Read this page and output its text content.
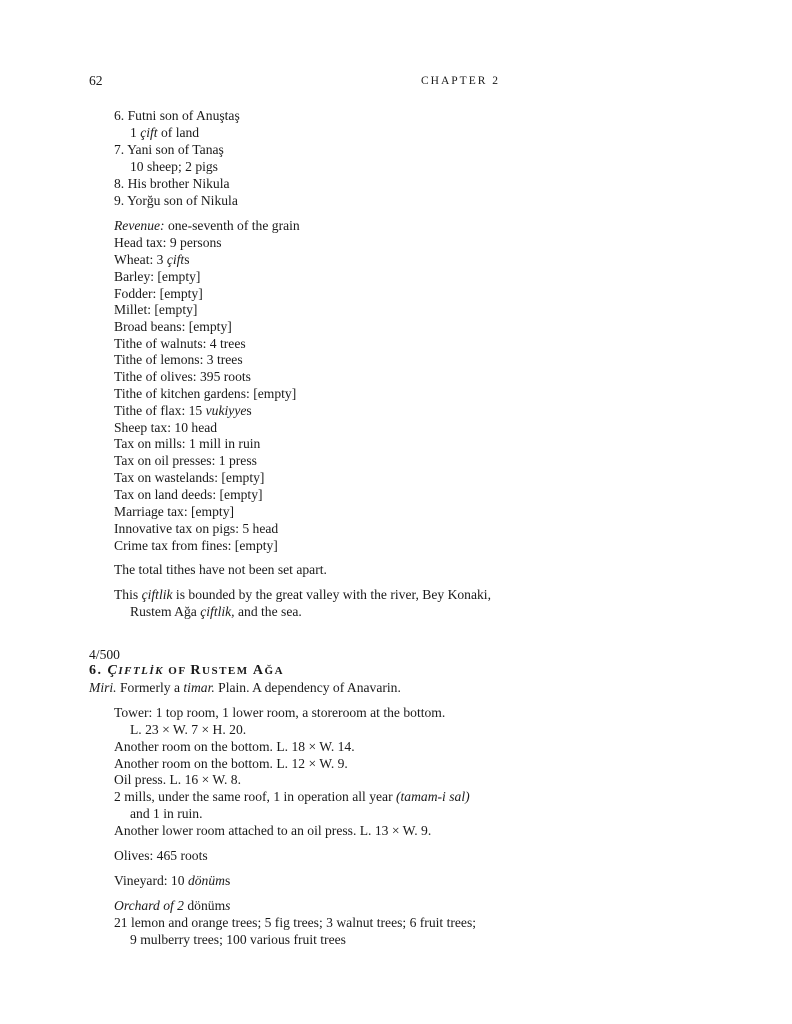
62	CHAPTER 2
6. Futni son of Anuştaş
1 çift of land
7. Yani son of Tanaş
10 sheep; 2 pigs
8. His brother Nikula
9. Yorğu son of Nikula
Revenue: one-seventh of the grain
Head tax: 9 persons
Wheat: 3 çifts
Barley: [empty]
Fodder: [empty]
Millet: [empty]
Broad beans: [empty]
Tithe of walnuts: 4 trees
Tithe of lemons: 3 trees
Tithe of olives: 395 roots
Tithe of kitchen gardens: [empty]
Tithe of flax: 15 vukiyyes
Sheep tax: 10 head
Tax on mills: 1 mill in ruin
Tax on oil presses: 1 press
Tax on wastelands: [empty]
Tax on land deeds: [empty]
Marriage tax: [empty]
Innovative tax on pigs: 5 head
Crime tax from fines: [empty]
The total tithes have not been set apart.
This çiftlik is bounded by the great valley with the river, Bey Konaki,
Rustem Ağa çiftlik, and the sea.
4/500
6. ÇIFTLİK OF RUSTEM AĞA
Miri. Formerly a timar. Plain. A dependency of Anavarin.
Tower: 1 top room, 1 lower room, a storeroom at the bottom.
L. 23 × W. 7 × H. 20.
Another room on the bottom. L. 18 × W. 14.
Another room on the bottom. L. 12 × W. 9.
Oil press. L. 16 × W. 8.
2 mills, under the same roof, 1 in operation all year (tamam-i sal)
and 1 in ruin.
Another lower room attached to an oil press. L. 13 × W. 9.
Olives: 465 roots
Vineyard: 10 dönüms
Orchard of 2 dönüms
21 lemon and orange trees; 5 fig trees; 3 walnut trees; 6 fruit trees;
9 mulberry trees; 100 various fruit trees
